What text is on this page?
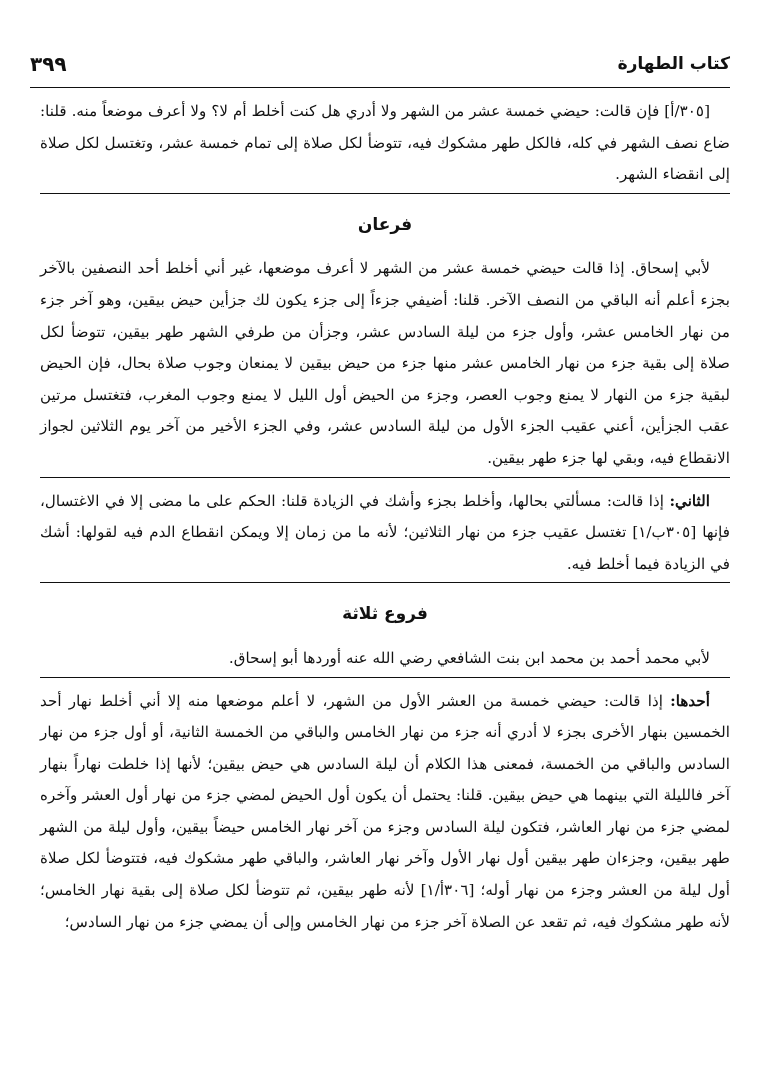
كتاب الطهارة
٣٩٩

[٣٠٥/أ] فإن قالت: حيضي خمسة عشر من الشهر ولا أدري هل كنت أخلط أم لا؟ ولا أعرف موضعاً منه. قلنا: ضاع نصف الشهر في كله، فالكل طهر مشكوك فيه، تتوضأ لكل صلاة إلى تمام خمسة عشر، وتغتسل لكل صلاة إلى انقضاء الشهر.

فرعان

لأبي إسحاق. إذا قالت حيضي خمسة عشر من الشهر لا أعرف موضعها، غير أني أخلط أحد النصفين بالآخر بجزء أعلم أنه الباقي من النصف الآخر. قلنا: أضيفي جزءاً إلى جزء يكون لك جزأين حيض بيقين، وهو آخر جزء من نهار الخامس عشر، وأول جزء من ليلة السادس عشر، وجزأن من طرفي الشهر طهر بيقين، تتوضأ لكل صلاة إلى بقية جزء من نهار الخامس عشر منها جزء من حيض بيقين لا يمنعان وجوب صلاة بحال، فإن الحيض لبقية جزء من النهار لا يمنع وجوب العصر، وجزء من الحيض أول الليل لا يمنع وجوب المغرب، فتغتسل مرتين عقب الجزأين، أعني عقيب الجزء الأول من ليلة السادس عشر، وفي الجزء الأخير من آخر يوم الثلاثين لجواز الانقطاع فيه، وبقي لها جزء طهر بيقين.

الثاني: إذا قالت: مسألتي بحالها، وأخلط بجزء وأشك في الزيادة قلنا: الحكم على ما مضى إلا في الاغتسال، فإنها [٣٠٥ب/١] تغتسل عقيب جزء من نهار الثلاثين؛ لأنه ما من زمان إلا ويمكن انقطاع الدم فيه لقولها: أشك في الزيادة فيما أخلط فيه.

فروع ثلاثة

لأبي محمد أحمد بن محمد ابن بنت الشافعي رضي الله عنه أوردها أبو إسحاق.

أحدها: إذا قالت: حيضي خمسة من العشر الأول من الشهر، لا أعلم موضعها منه إلا أني أخلط نهار أحد الخمسين بنهار الأخرى بجزء لا أدري أنه جزء من نهار الخامس والباقي من الخمسة الثانية، أو أول جزء من نهار السادس والباقي من الخمسة، فمعنى هذا الكلام أن ليلة السادس هي حيض بيقين؛ لأنها إذا خلطت نهاراً بنهار آخر فالليلة التي بينهما هي حيض بيقين. قلنا: يحتمل أن يكون أول الحيض لمضي جزء من نهار أول العشر وآخره لمضي جزء من نهار العاشر، فتكون ليلة السادس وجزء من آخر نهار الخامس حيضاً بيقين، وأول ليلة من الشهر طهر بيقين، وجزءان طهر بيقين أول نهار الأول وآخر نهار العاشر، والباقي طهر مشكوك فيه، فتتوضأ لكل صلاة أول ليلة من العشر وجزء من نهار أوله؛ [٣٠٦أ/١] لأنه طهر بيقين، ثم تتوضأ لكل صلاة إلى بقية نهار الخامس؛ لأنه طهر مشكوك فيه، ثم تقعد عن الصلاة آخر جزء من نهار الخامس وإلى أن يمضي جزء من نهار السادس؛
